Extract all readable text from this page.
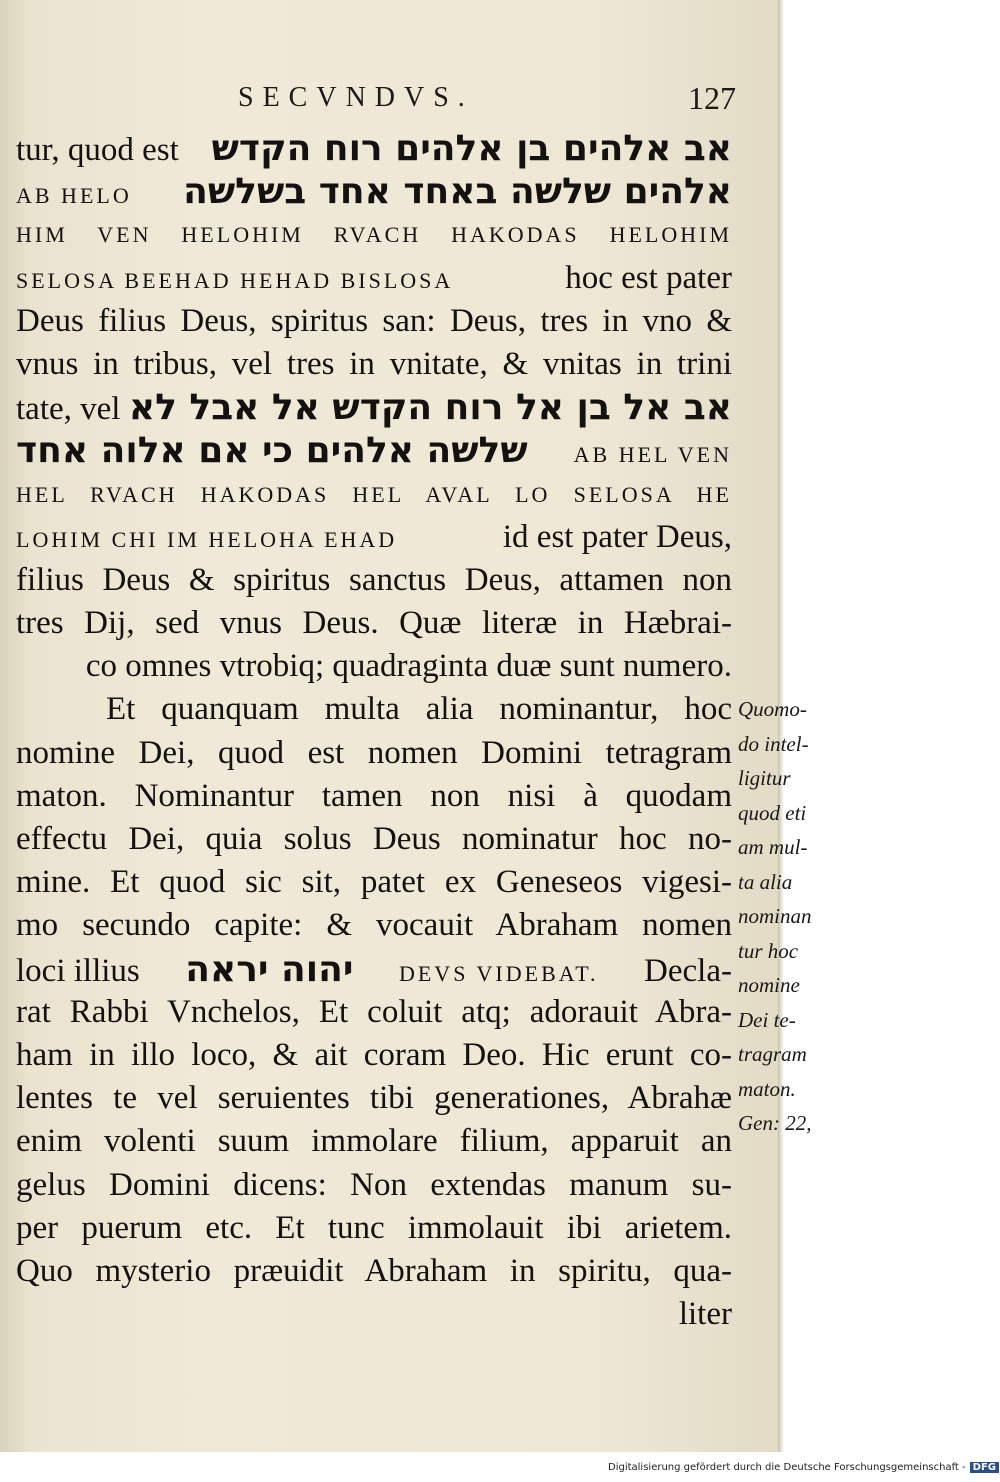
SECVNDVS.	127
tur, quod est אב אלהים בן אלהים רוח הקדש
AB HELO אלהים שלשה באחד אחד בשלשה
HIM VEN HELOHIM RVACH HAKODAS HELOHIM
SELOSA BEEHAD HEHAD BISLOSA	hoc est pater
Deus filius Deus, spiritus san: Deus, tres in vno &
vnus in tribus, vel tres in vnitate, & vnitas in trini
tate, vel אב אל בן אל רוח הקדש אל אבל לא
שלשה אלהים כי אם אלוה אחד AB HEL VEN
HEL RVACH HAKODAS HEL AVAL LO SELOSA HE
LOHIM CHI IM HELOHA EHAD	id est pater Deus,
filius Deus & spiritus sanctus Deus, attamen non
tres Dij, sed vnus Deus. Quæ literæ in Hæbrai-
co omnes vtrobiq; quadraginta duæ sunt numero.
Et quanquam multa alia nominantur, hoc
nomine Dei, quod est nomen Domini tetragram
maton. Nominantur tamen non nisi à quodam
effectu Dei, quia solus Deus nominatur hoc no-
mine. Et quod sic sit, patet ex Geneseos vigesi-
mo secundo capite: & vocauit Abraham nomen
loci illius יהוה יראה DEVS VIDEBAT. Decla-
rat Rabbi Vnchelos, Et coluit atq; adorauit Abra-
ham in illo loco, & ait coram Deo. Hic erunt co-
lentes te vel seruientes tibi generationes, Abrahæ
enim volenti suum immolare filium, apparuit an
gelus Domini dicens: Non extendas manum su-
per puerum etc. Et tunc immolauit ibi arietem.
Quo mysterio præuidit Abraham in spiritu, qua-
liter
Quomo-
do intel-
ligitur
quod eti
am mul-
ta alia
nominan
tur hoc
nomine
Dei te-
tragram
maton.
Gen: 22,
Digitalisierung gefördert durch die Deutsche Forschungsgemeinschaft - DFG
